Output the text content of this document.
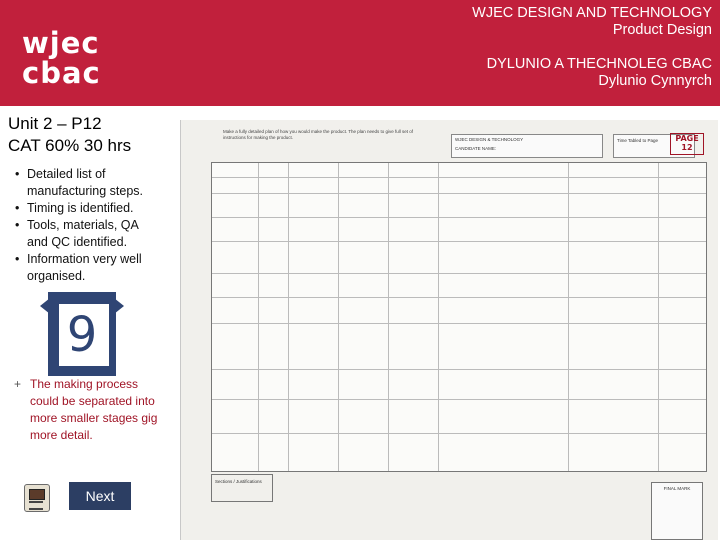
wjec
cbac
WJEC DESIGN AND TECHNOLOGY
Product Design
DYLUNIO A THECHNOLEG CBAC
Dylunio Cynnyrch
Unit 2 – P12
CAT 60% 30 hrs
• Detailed list of manufacturing steps.
• Timing is identified.
• Tools, materials, QA and QC identified.
• Information very well organised.
9
+ The making process could be separated into more smaller stages gig more detail.
Next
Make a fully detailed plan of how you would make the product. The plan needs to give full set of instructions for making the product.	WJEC DESIGN & TECHNOLOGY
CANDIDATE NAME:
Time Tabled to Page	PAGE
12
Sections / Justifications
FINAL MARK
